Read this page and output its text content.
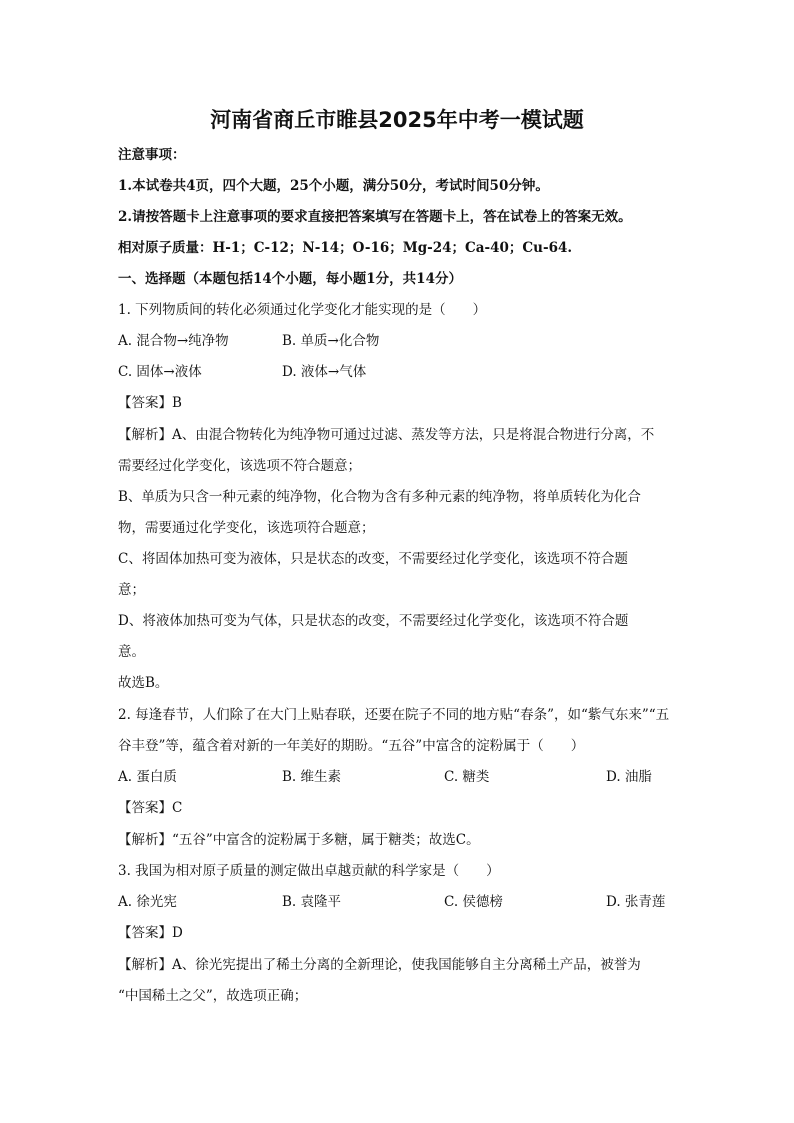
河南省商丘市睢县2025年中考一模试题
注意事项：
1.本试卷共4页，四个大题，25个小题，满分50分，考试时间50分钟。
2.请按答题卡上注意事项的要求直接把答案填写在答题卡上，答在试卷上的答案无效。
相对原子质量：H-1；C-12；N-14；O-16；Mg-24；Ca-40；Cu-64.
一、选择题（本题包括14个小题，每小题1分，共14分）
1. 下列物质间的转化必须通过化学变化才能实现的是（　　）
A. 混合物→纯净物	B. 单质→化合物
C. 固体→液体	D. 液体→气体
【答案】B
【解析】A、由混合物转化为纯净物可通过过滤、蒸发等方法，只是将混合物进行分离，不
需要经过化学变化，该选项不符合题意；
B、单质为只含一种元素的纯净物，化合物为含有多种元素的纯净物，将单质转化为化合
物，需要通过化学变化，该选项符合题意；
C、将固体加热可变为液体，只是状态的改变，不需要经过化学变化，该选项不符合题
意；
D、将液体加热可变为气体，只是状态的改变，不需要经过化学变化，该选项不符合题
意。
故选B。
2. 每逢春节，人们除了在大门上贴春联，还要在院子不同的地方贴“春条”，如“紫气东来”“五
谷丰登”等，蕴含着对新的一年美好的期盼。“五谷”中富含的淀粉属于（　　）
A. 蛋白质	B. 维生素	C. 糖类	D. 油脂
【答案】C
【解析】“五谷”中富含的淀粉属于多糖，属于糖类；故选C。
3. 我国为相对原子质量的测定做出卓越贡献的科学家是（　　）
A. 徐光宪	B. 袁隆平	C. 侯德榜	D. 张青莲
【答案】D
【解析】A、徐光宪提出了稀土分离的全新理论，使我国能够自主分离稀土产品，被誉为
“中国稀土之父”，故选项正确；
